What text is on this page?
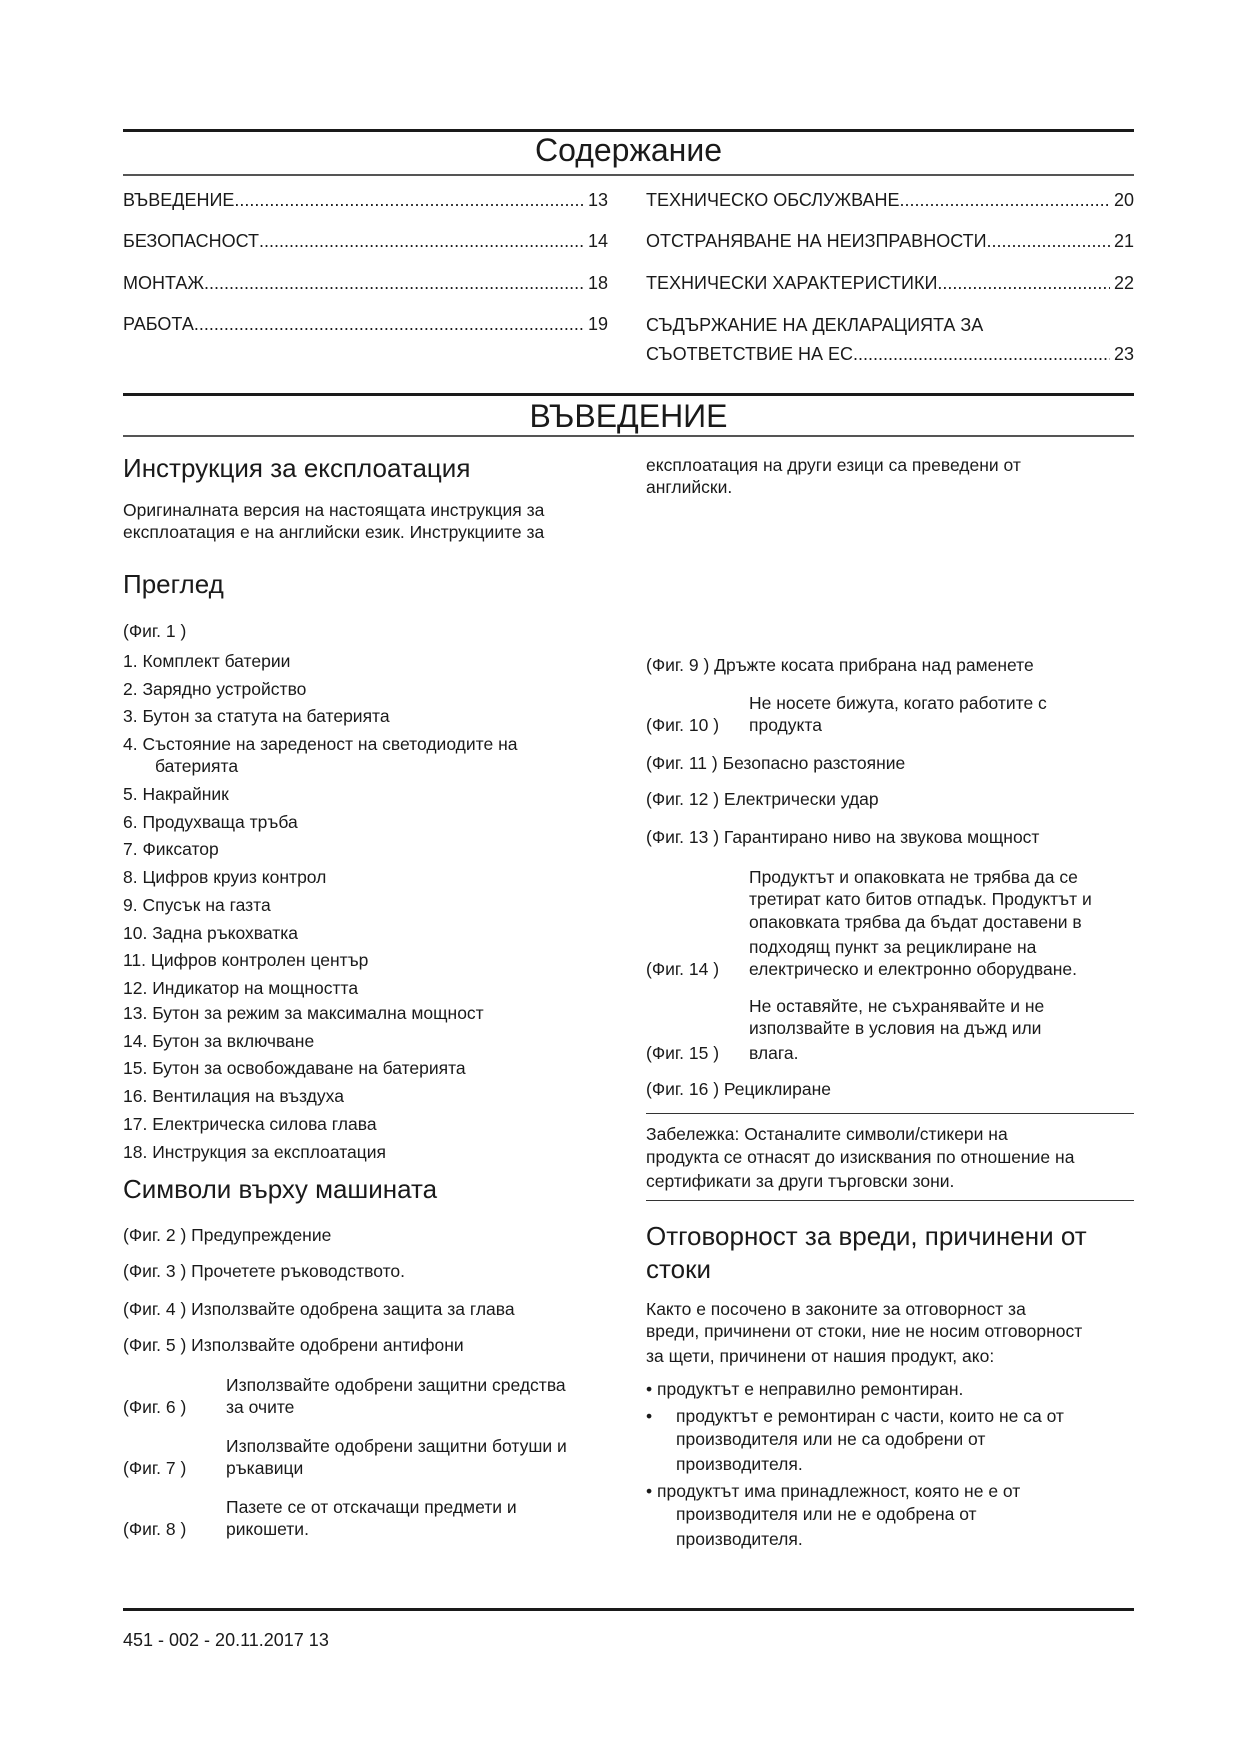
Содержание
ВЪВЕДЕНИЕ .....	13
БЕЗОПАСНОСТ .....	14
МОНТАЖ .....	18
РАБОТА .....	19
ТЕХНИЧЕСКО ОБСЛУЖВАНЕ .....	20
ОТСТРАНЯВАНЕ НА НЕИЗПРАВНОСТИ .....	21
ТЕХНИЧЕСКИ ХАРАКТЕРИСТИКИ .....	22
СЪДЪРЖАНИЕ НА ДЕКЛАРАЦИЯТА ЗА
СЪОТВЕТСТВИЕ НА ЕС .....	23
ВЪВЕДЕНИЕ
Инструкция за експлоатация
Оригиналната версия на настоящата инструкция за
експлоатация е на английски език. Инструкциите за
експлоатация на други езици са преведени от
английски.
Преглед
(Фиг. 1 )
1. Комплект батерии
2. Зарядно устройство
3. Бутон за статута на батерията
4. Състояние на зареденост на светодиодите на
батерията
5. Накрайник
6. Продухваща тръба
7. Фиксатор
8. Цифров круиз контрол
9. Спусък на газта
10. Задна ръкохватка
11. Цифров контролен център
12. Индикатор на мощността
13. Бутон за режим за максимална мощност
14. Бутон за включване
15. Бутон за освобождаване на батерията
16. Вентилация на въздуха
17. Електрическа силова глава
18. Инструкция за експлоатация
Символи върху машината
(Фиг. 2 ) Предупреждение
(Фиг. 3 ) Прочетете ръководството.
(Фиг. 4 ) Използвайте одобрена защита за глава
(Фиг. 5 ) Използвайте одобрени антифони
(Фиг. 6 )
Използвайте одобрени защитни средства
за очите
(Фиг. 7 )
Използвайте одобрени защитни ботуши и
ръкавици
(Фиг. 8 )
Пазете се от отскачащи предмети и
рикошети.
(Фиг. 9 ) Дръжте косата прибрана над раменете
(Фиг. 10 )
Не носете бижута, когато работите с
продукта
(Фиг. 11 ) Безопасно разстояние
(Фиг. 12 ) Електрически удар
(Фиг. 13 ) Гарантирано ниво на звукова мощност
(Фиг. 14 )
Продуктът и опаковката не трябва да се
третират като битов отпадък. Продуктът и
опаковката трябва да бъдат доставени в
подходящ пункт за рециклиране на
електрическо и електронно оборудване.
(Фиг. 15 )
Не оставяйте, не съхранявайте и не
използвайте в условия на дъжд или
влага.
(Фиг. 16 ) Рециклиране
Забележка: Останалите символи/стикери на
продукта се отнасят до изисквания по отношение на
сертификати за други търговски зони.
Отговорност за вреди, причинени от
стоки
Както е посочено в законите за отговорност за
вреди, причинени от стоки, ние не носим отговорност
за щети, причинени от нашия продукт, ако:
• продуктът е неправилно ремонтиран.
• продуктът е ремонтиран с части, които не са от
производителя или не са одобрени от
производителя.
• продуктът има принадлежност, която не е от
производителя или не е одобрена от
производителя.
451 - 002 - 20.11.2017 13
